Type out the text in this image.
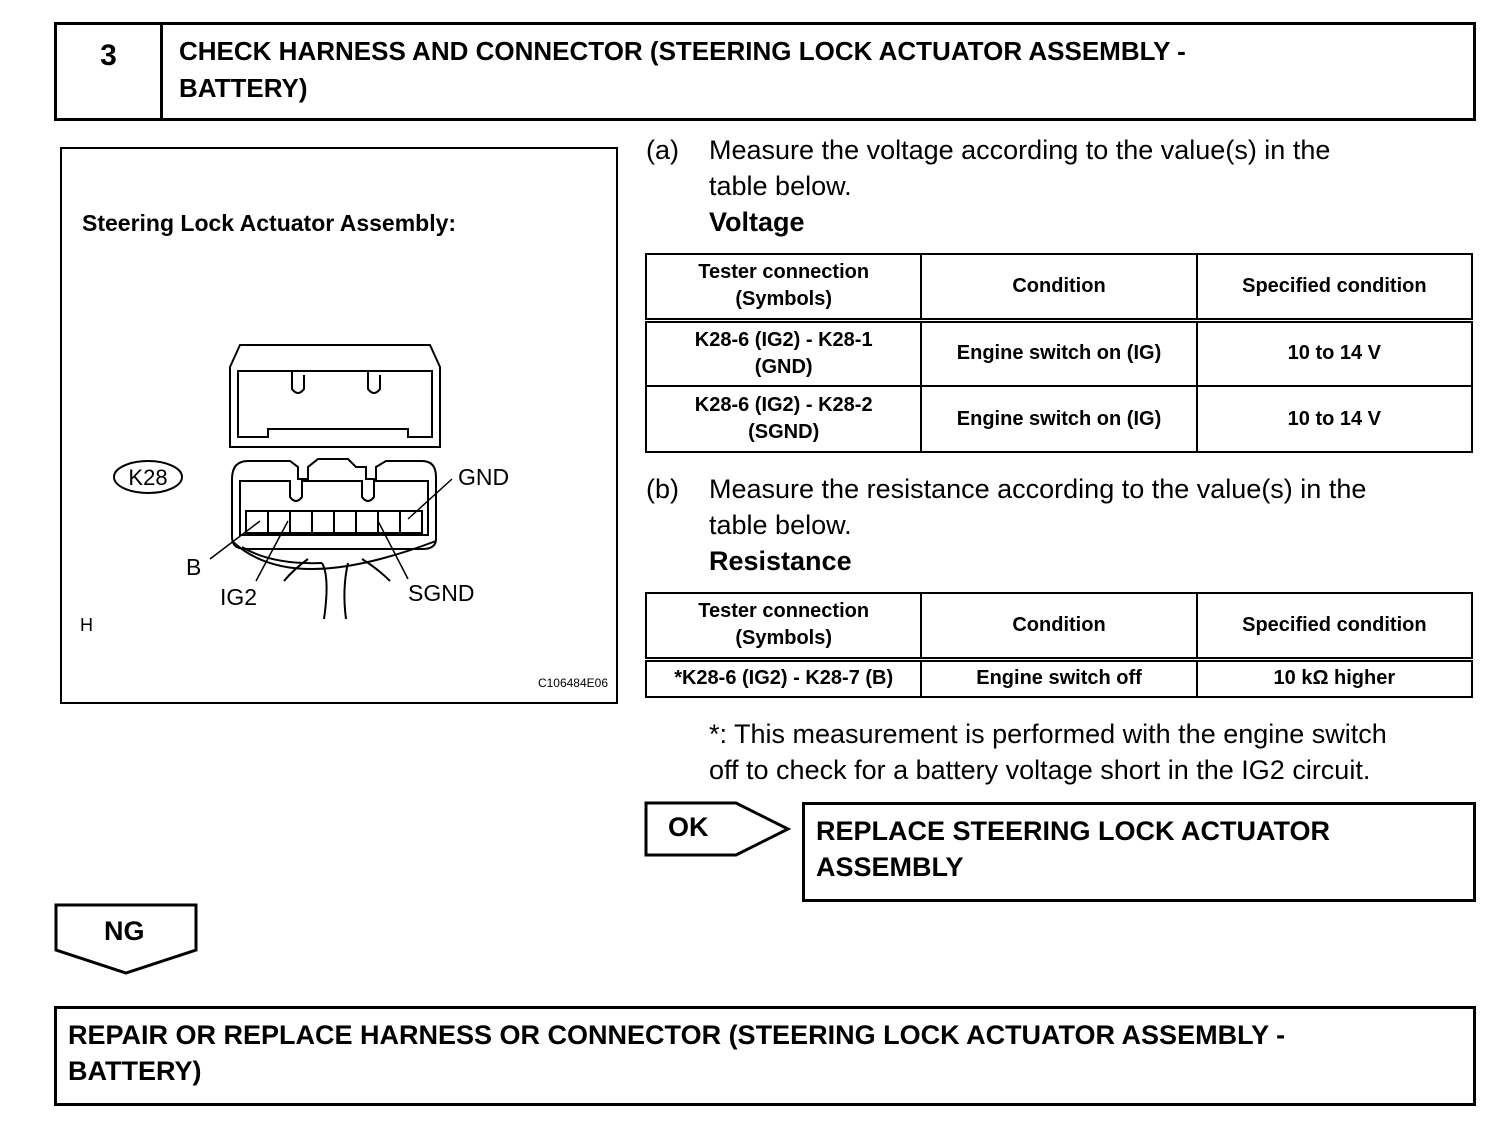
3	CHECK HARNESS AND CONNECTOR (STEERING LOCK ACTUATOR ASSEMBLY -
BATTERY)
Steering Lock Actuator Assembly:
K28	GND
B
IG2	SGND
H
C106484E06
(a) Measure the voltage according to the value(s) in the
table below.
Voltage
Tester connection
(Symbols)	Condition	Specified condition

K28-6 (IG2) - K28-1
(GND)	Engine switch on (IG)	10 to 14 V

K28-6 (IG2) - K28-2
(SGND)	Engine switch on (IG)	10 to 14 V
(b) Measure the resistance according to the value(s) in the
table below.
Resistance
Tester connection
(Symbols)	Condition	Specified condition
*K28-6 (IG2) - K28-7 (B)	Engine switch off	10 kΩ higher
*: This measurement is performed with the engine switch
off to check for a battery voltage short in the IG2 circuit.
OK	REPLACE STEERING LOCK ACTUATOR
ASSEMBLY
NG
REPAIR OR REPLACE HARNESS OR CONNECTOR (STEERING LOCK ACTUATOR ASSEMBLY -
BATTERY)
